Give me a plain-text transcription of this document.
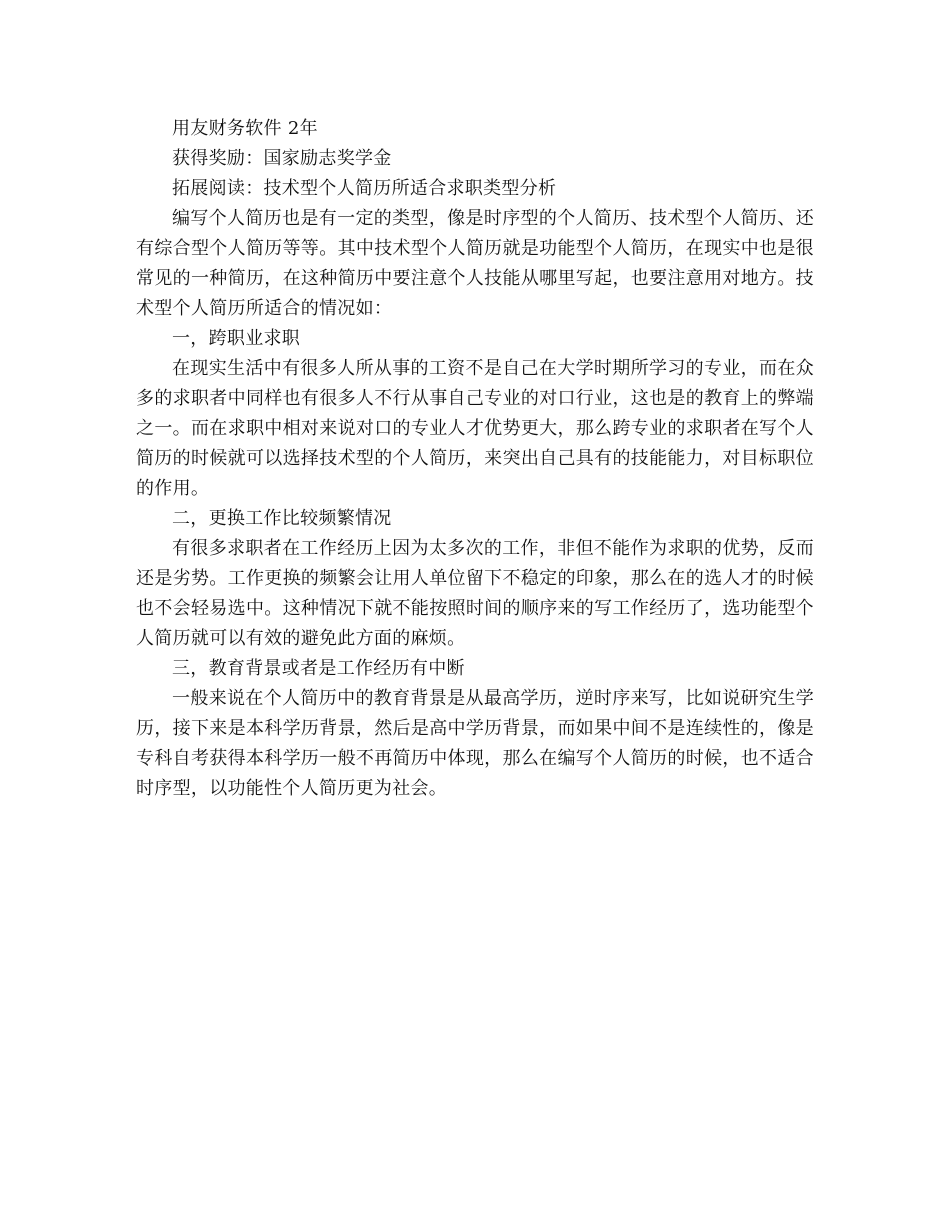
用友财务软件 2年

获得奖励：国家励志奖学金

拓展阅读：技术型个人简历所适合求职类型分析

编写个人简历也是有一定的类型，像是时序型的个人简历、技术型个人简历、还有综合型个人简历等等。其中技术型个人简历就是功能型个人简历，在现实中也是很常见的一种简历，在这种简历中要注意个人技能从哪里写起，也要注意用对地方。技术型个人简历所适合的情况如：

一，跨职业求职

在现实生活中有很多人所从事的工资不是自己在大学时期所学习的专业，而在众多的求职者中同样也有很多人不行从事自己专业的对口行业，这也是的教育上的弊端之一。而在求职中相对来说对口的专业人才优势更大，那么跨专业的求职者在写个人简历的时候就可以选择技术型的个人简历，来突出自己具有的技能能力，对目标职位的作用。

二，更换工作比较频繁情况

有很多求职者在工作经历上因为太多次的工作，非但不能作为求职的优势，反而还是劣势。工作更换的频繁会让用人单位留下不稳定的印象，那么在的选人才的时候也不会轻易选中。这种情况下就不能按照时间的顺序来的写工作经历了，选功能型个人简历就可以有效的避免此方面的麻烦。

三，教育背景或者是工作经历有中断

一般来说在个人简历中的教育背景是从最高学历，逆时序来写，比如说研究生学历，接下来是本科学历背景，然后是高中学历背景，而如果中间不是连续性的，像是专科自考获得本科学历一般不再简历中体现，那么在编写个人简历的时候，也不适合时序型，以功能性个人简历更为社会。
